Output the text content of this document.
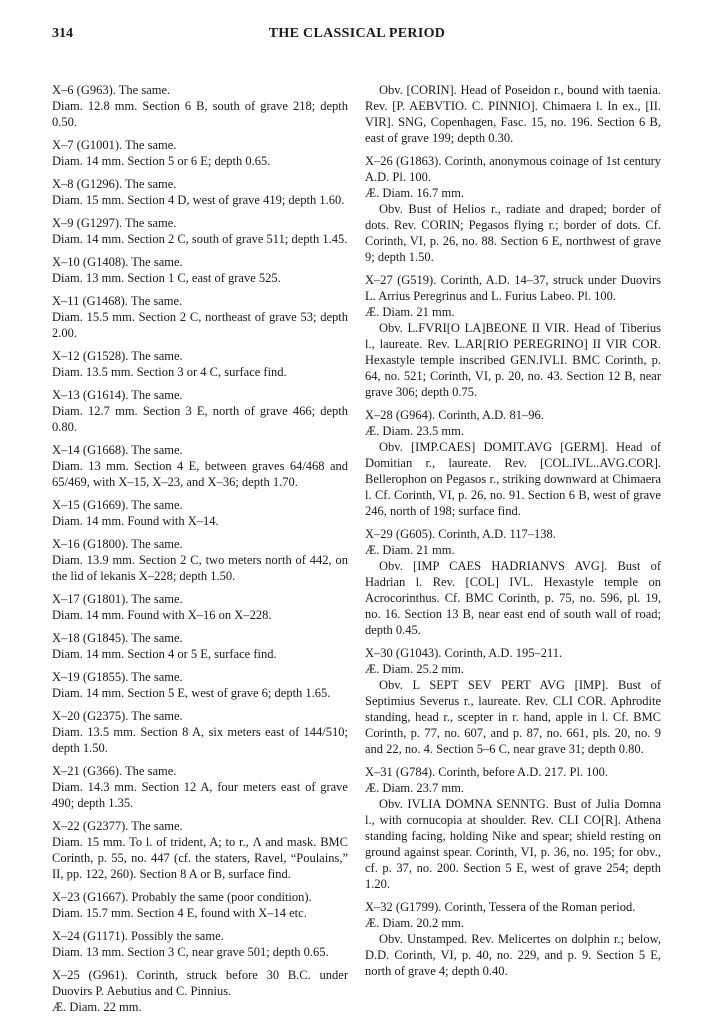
314	THE CLASSICAL PERIOD

X–6 (G963). The same.

Diam. 12.8 mm. Section 6 B, south of grave 218; depth 0.50.

X–7 (G1001). The same.

Diam. 14 mm. Section 5 or 6 E; depth 0.65.

X–8 (G1296). The same.

Diam. 15 mm. Section 4 D, west of grave 419; depth 1.60.

X–9 (G1297). The same.

Diam. 14 mm. Section 2 C, south of grave 511; depth 1.45.

X–10 (G1408). The same.

Diam. 13 mm. Section 1 C, east of grave 525.

X–11 (G1468). The same.

Diam. 15.5 mm. Section 2 C, northeast of grave 53; depth 2.00.

X–12 (G1528). The same.

Diam. 13.5 mm. Section 3 or 4 C, surface find.

X–13 (G1614). The same.

Diam. 12.7 mm. Section 3 E, north of grave 466; depth 0.80.

X–14 (G1668). The same.

Diam. 13 mm. Section 4 E, between graves 64/468 and 65/469, with X–15, X–23, and X–36; depth 1.70.

X–15 (G1669). The same.

Diam. 14 mm. Found with X–14.

X–16 (G1800). The same.

Diam. 13.9 mm. Section 2 C, two meters north of 442, on the lid of lekanis X–228; depth 1.50.

X–17 (G1801). The same.

Diam. 14 mm. Found with X–16 on X–228.

X–18 (G1845). The same.

Diam. 14 mm. Section 4 or 5 E, surface find.

X–19 (G1855). The same.

Diam. 14 mm. Section 5 E, west of grave 6; depth 1.65.

X–20 (G2375). The same.

Diam. 13.5 mm. Section 8 A, six meters east of 144/510; depth 1.50.

X–21 (G366). The same.

Diam. 14.3 mm. Section 12 A, four meters east of grave 490; depth 1.35.

X–22 (G2377). The same.

Diam. 15 mm. To l. of trident, A; to r., Λ and mask. BMC Corinth, p. 55, no. 447 (cf. the staters, Ravel, “Poulains,” II, pp. 122, 260). Section 8 A or B, surface find.

X–23 (G1667). Probably the same (poor condition).

Diam. 15.7 mm. Section 4 E, found with X–14 etc.

X–24 (G1171). Possibly the same.

Diam. 13 mm. Section 3 C, near grave 501; depth 0.65.

X–25 (G961). Corinth, struck before 30 B.C. under Duovirs P. Aebutius and C. Pinnius.

Æ. Diam. 22 mm.

Obv. [CORIN]. Head of Poseidon r., bound with taenia. Rev. [P. AEBVTIO. C. PINNIO]. Chimaera l. In ex., [II. VIR]. SNG, Copenhagen, Fasc. 15, no. 196. Section 6 B, east of grave 199; depth 0.30.

X–26 (G1863). Corinth, anonymous coinage of 1st century A.D. Pl. 100.

Æ. Diam. 16.7 mm.

Obv. Bust of Helios r., radiate and draped; border of dots. Rev. CORIN; Pegasos flying r.; border of dots. Cf. Corinth, VI, p. 26, no. 88. Section 6 E, northwest of grave 9; depth 1.50.

X–27 (G519). Corinth, A.D. 14–37, struck under Duovirs L. Arrius Peregrinus and L. Furius Labeo. Pl. 100.

Æ. Diam. 21 mm.

Obv. L.FVRI[O LA]BEONE II VIR. Head of Tiberius l., laureate. Rev. L.AR[RIO PEREGRINO] II VIR COR. Hexastyle temple inscribed GEN.IVLI. BMC Corinth, p. 64, no. 521; Corinth, VI, p. 20, no. 43. Section 12 B, near grave 306; depth 0.75.

X–28 (G964). Corinth, A.D. 81–96.

Æ. Diam. 23.5 mm.

Obv. [IMP.CAES] DOMIT.AVG [GERM]. Head of Domitian r., laureate. Rev. [COL.IVL..AVG.COR]. Bellerophon on Pegasos r., striking downward at Chimaera l. Cf. Corinth, VI, p. 26, no. 91. Section 6 B, west of grave 246, north of 198; surface find.

X–29 (G605). Corinth, A.D. 117–138.

Æ. Diam. 21 mm.

Obv. [IMP CAES HADRIANVS AVG]. Bust of Hadrian l. Rev. [COL] IVL. Hexastyle temple on Acrocorinthus. Cf. BMC Corinth, p. 75, no. 596, pl. 19, no. 16. Section 13 B, near east end of south wall of road; depth 0.45.

X–30 (G1043). Corinth, A.D. 195–211.

Æ. Diam. 25.2 mm.

Obv. L SEPT SEV PERT AVG [IMP]. Bust of Septimius Severus r., laureate. Rev. CLI COR. Aphrodite standing, head r., scepter in r. hand, apple in l. Cf. BMC Corinth, p. 77, no. 607, and p. 87, no. 661, pls. 20, no. 9 and 22, no. 4. Section 5–6 C, near grave 31; depth 0.80.

X–31 (G784). Corinth, before A.D. 217. Pl. 100.

Æ. Diam. 23.7 mm.

Obv. IVLIA DOMNA SENNTG. Bust of Julia Domna l., with cornucopia at shoulder. Rev. CLI CO[R]. Athena standing facing, holding Nike and spear; shield resting on ground against spear. Corinth, VI, p. 36, no. 195; for obv., cf. p. 37, no. 200. Section 5 E, west of grave 254; depth 1.20.

X–32 (G1799). Corinth, Tessera of the Roman period.

Æ. Diam. 20.2 mm.

Obv. Unstamped. Rev. Melicertes on dolphin r.; below, D.D. Corinth, VI, p. 40, no. 229, and p. 9. Section 5 E, north of grave 4; depth 0.40.
